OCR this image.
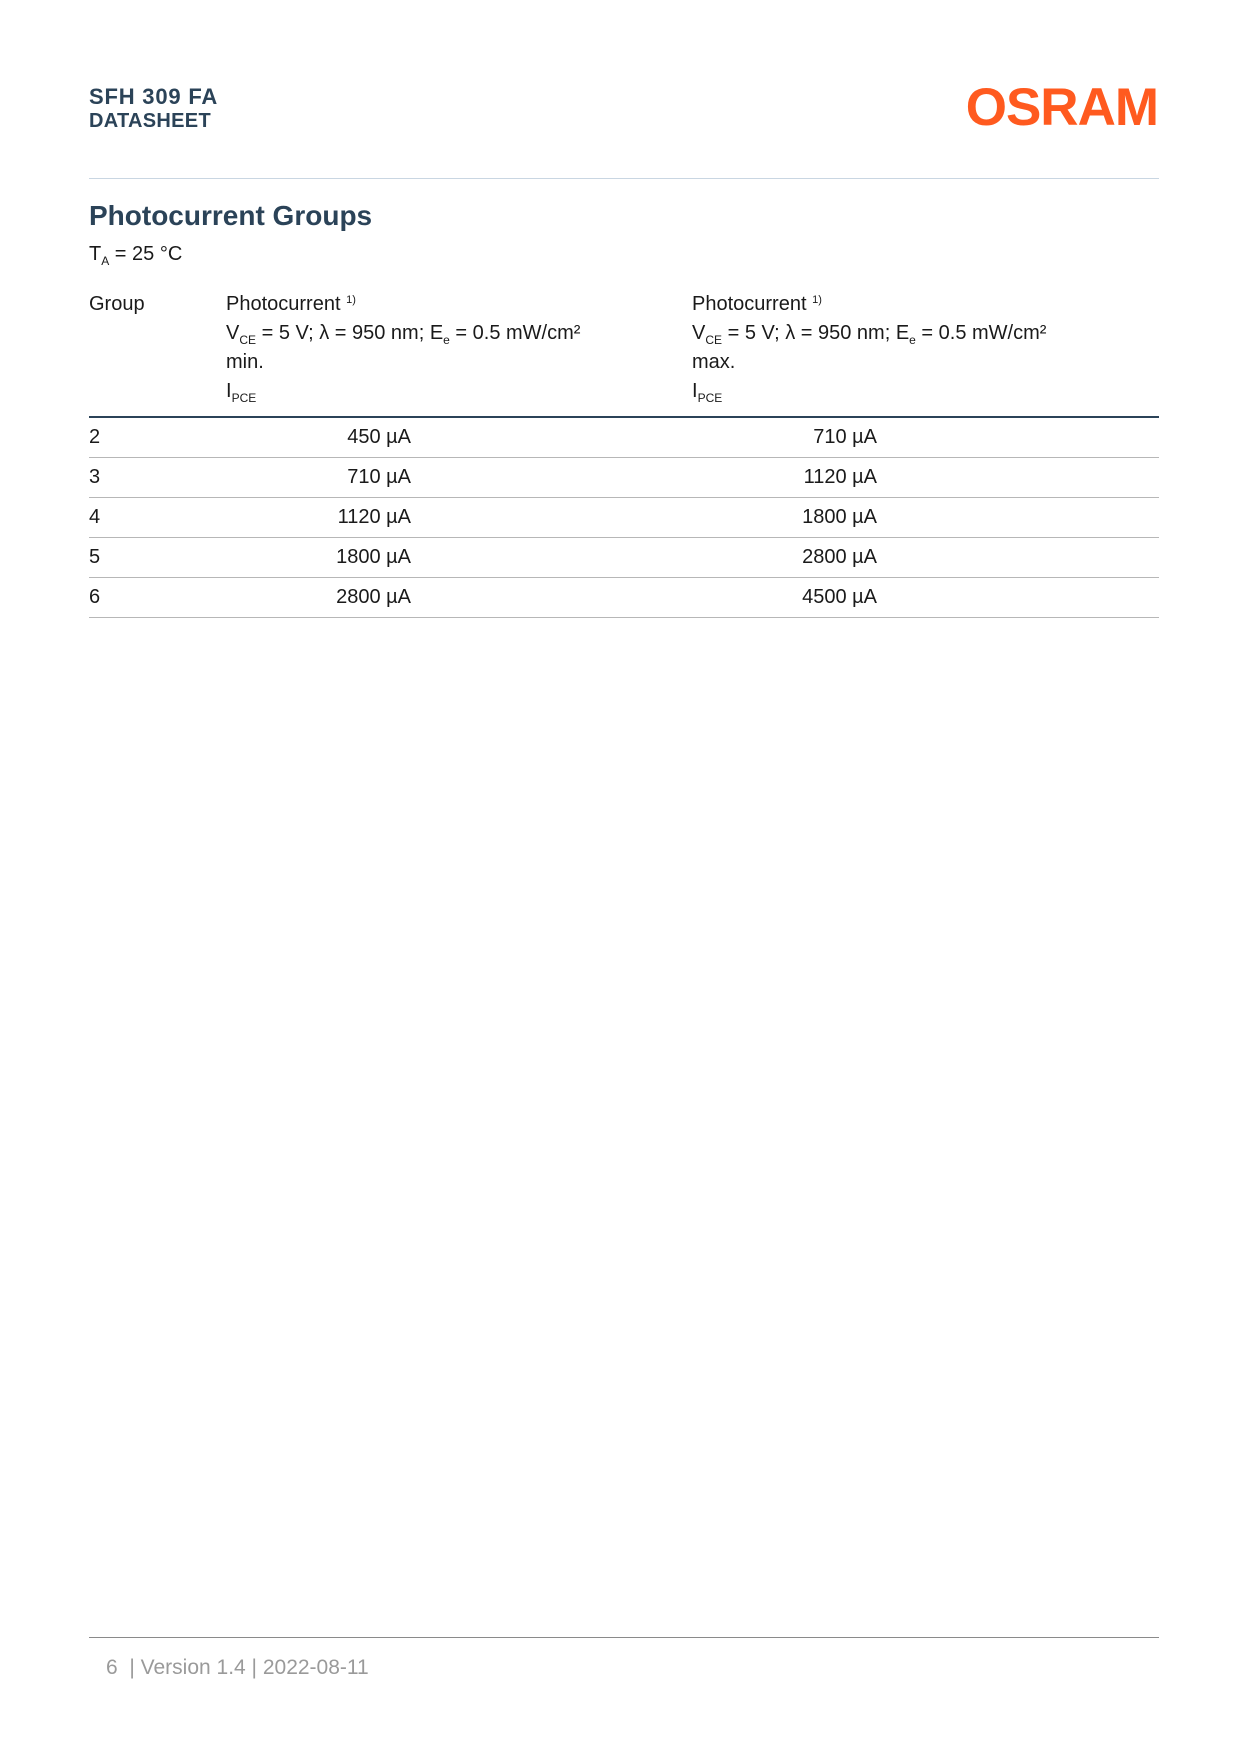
SFH 309 FA
DATASHEET	OSRAM
Photocurrent Groups
$T_A = 25$ °C
Group	Photocurrent $^{1)}$
$V_{CE} = 5$ V; λ = 950 nm; $E_e = 0.5$ mW/cm²
min.
$I_{PCE}$
Photocurrent $^{1)}$
$V_{CE} = 5$ V; λ = 950 nm; $E_e = 0.5$ mW/cm²
max.
$I_{PCE}$
2	450 µA	710 µA
3	710 µA	1120 µA
4	1120 µA	1800 µA
5	1800 µA	2800 µA
6	2800 µA	4500 µA
6 | Version 1.4 | 2022-08-11
